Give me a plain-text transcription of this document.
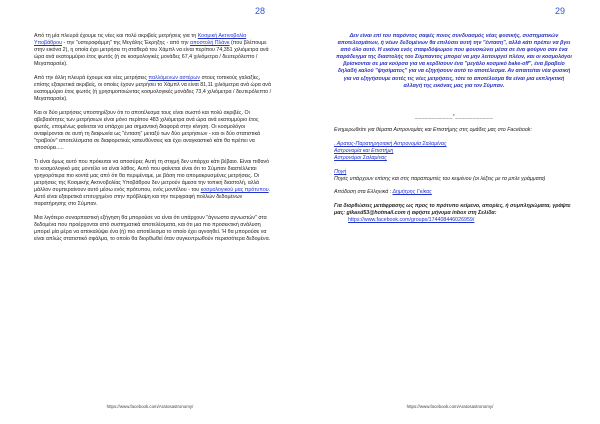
28

Από τη μία πλευρά έχουμε τις νέες και πολύ ακριβείς μετρήσεις για τη Κοσμική Ακτινοβολία Υποβάθρου - την "υστεροφάμμη" της Μεγάλης Έκρηξης - από την αποστολή Πλάνκ (που βλέπουμε στην εικόνα 2), η οποία έχει μετρήσει τη σταθερά του Χάμπλ να είναι περίπου 74,351 χιλιόμετρα ανά ώρα ανά εκατομμύριο έτος φωτός (ή σε κοσμολογικές μονάδες 67,4 χιλιόμετρα / δευτερόλεπτο / Μεγαπαρσέκ).

Από την άλλη πλευρά έχουμε και νέες μετρήσεις παλλόμενων αστέρων στους τοπικούς γαλαξίες, επίσης εξαιρετικά ακριβείς, οι οποίες έχουν μετρήσει το Χάμπλ να είναι 81,11 χιλιόμετρα ανά ώρα ανά εκατομμύριο έτος φωτός (ή χρησιμοποιώντας κοσμολογικές μονάδες 73,4 χιλιόμετρα / δευτερόλεπτο / Μεγαπαρσέκ).

Και οι δύο μετρήσεις υποστηρίζουν ότι το αποτέλεσμα τους είναι σωστό και πολύ ακριβές. Οι αβεβαιότητες των μετρήσεων είναι μόνο περίπου 483 χιλιόμετρα ανά ώρα ανά εκατομμύριο έτος φωτός, επομένως φαίνεται να υπάρχει μια σημαντική διαφορά στην κίνηση. Οι κοσμολόγοι αναφέρονται σε αυτή τη διαφωνία ως "ένταση" μεταξύ των δύο μετρήσεων - και οι δύο στατιστικά "τραβούν" αποτελέσματα σε διαφορετικές κατευθύνσεις και έχει αναγκαστικό κάτι θα πρέπει να αποσύρει.....

Τι είναι όμως αυτό που πρόκειται να αποσύρει; Αυτή τη στιγμή δεν υπάρχει κάτι βέβαιο. Είναι πιθανό το κοσμολογικό μας μοντέλο να είναι λάθος. Αυτό που φαίνεται είναι ότι το Σύμπαν διαστέλλεται γρηγορότερα πιο κοντά μας από ότι θα περιμέναμε, με βάση πιο απομακρυσμένες μετρήσεις. Οι μετρήσεις της Κοσμικής Ακτινοβολίας Υποβάθρου δεν μετρούν άμεσα την τοπική διαστολή, αλλά μάλλον συμπεραίνουν αυτό μέσω ενός πρότυπου, ενός μοντέλου - του κοσμολογικού μας πρότυπου. Αυτό είναι εξαιρετικά επιτυχημένο στην πρόβλεψη και την περιγραφή πολλών δεδομένων παρατήρησης στο Σύμπαν.

Μια λιγότερο συναρπαστική εξήγηση θα μπορούσε να είναι ότι υπάρχουν "άγνωστα αγνωστών" στα δεδομένα που προέρχονται από συστηματικά αποτελέσματα, και ότι μια πιο προσεκτική ανάλυση μπορεί μία μέρα να αποκαλύψει ένα (ή) πιο αποτέλεσμα το οποίο έχει αγνοηθεί. Ή θα μπορούσε να είναι απλώς στατιστικό σφάλμα, το οποίο θα διορθωθεί όταν συγκεντρωθούν περισσότερα δεδομένα.

https://www.facebook.com/Aratosastronomy/
29

Δεν είναι επί του παρόντος σαφές ποιος συνδυασμός νέας φυσικής, συστηματικών αποτελεσμάτων, ή νέων δεδομένων θα επιλύσει αυτή την "ένταση", αλλά κάτι πρέπει να βγει από όλο αυτό. Η εικόνα ενός σταφιδόψωμου που φουσκώνει μέσα σε ένα φούρνο σαν ένα παράδειγμα της διαστολής του Σύμπαντος μπορεί να μην λειτουργεί πλέον, και οι κοσμολόγοι βρίσκονται σε μια κούρσα για να κερδίσουν ένα "μεγάλο κοσμικό bake-off", ένα βραβείο δηλαδή καλού "ψησίματος" για να εξηγήσουν αυτό το αποτέλεσμα. Αν απαιτείται νέα φυσική για να εξηγήσουμε αυτές τις νέες μετρήσεις, τότε το αποτέλεσμα θα είναι μια εκπληκτική αλλαγή της εικόνας μας για τον Σύμπαν.

___________*___________

Ενημερωθείτε για θέματα Αστρονομίας και Επιστήμης στις ομάδες μας στο Facebook:

. Αρατος-Παρατηρησιακή Αστρονομία Σαλαμίνας
Αστρονομία και Επιστήμη
Αστρονόμοι Σαλαμίνας

Πηγή
Πηγές υπάρχουν επίσης και στις παραπομπές του κειμένου (οι λέξεις με τα μπλε γράμματα)

Απόδοση στα Ελληνικά : Δημήτρης Γκίκας

Για διορθώσεις μετάφρασης ως προς το πρότυπο κείμενο, απορίες, ή συμπληρώματα, γράψτε μας: gikasd53@hotmail.com ή αφήστε μήνυμα inbox στη Σελίδα:
https://www.facebook.com/groups/174408446026959/

https://www.facebook.com/Aratosastronomy/
